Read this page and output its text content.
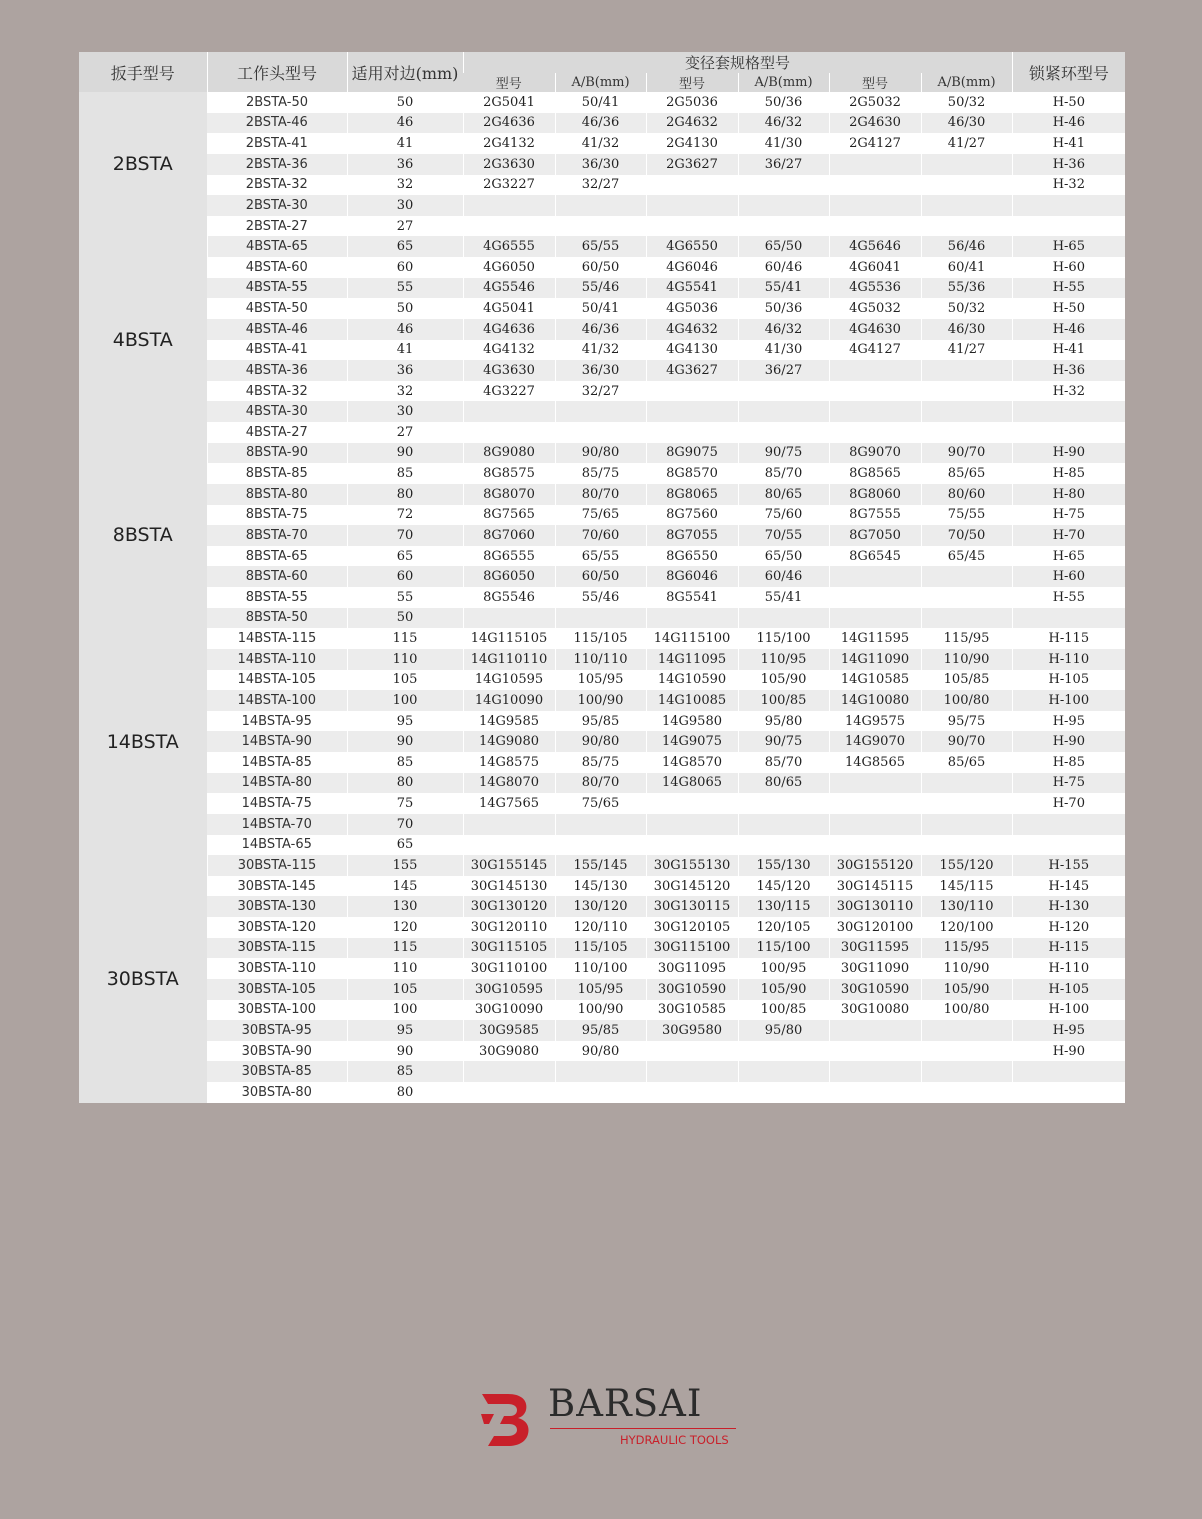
扳手型号	工作头型号	适用对边(mm)	变径套规格型号						锁紧环型号
			型号	A/B(mm)	型号	A/B(mm)	型号	A/B(mm)	
2BSTA	2BSTA-50	50	2G5041	50/41	2G5036	50/36	2G5032	50/32	H-50
	2BSTA-46	46	2G4636	46/36	2G4632	46/32	2G4630	46/30	H-46
	2BSTA-41	41	2G4132	41/32	2G4130	41/30	2G4127	41/27	H-41
	2BSTA-36	36	2G3630	36/30	2G3627	36/27			H-36
	2BSTA-32	32	2G3227	32/27					H-32
	2BSTA-30	30							
	2BSTA-27	27							
4BSTA	4BSTA-65	65	4G6555	65/55	4G6550	65/50	4G5646	56/46	H-65
	4BSTA-60	60	4G6050	60/50	4G6046	60/46	4G6041	60/41	H-60
	4BSTA-55	55	4G5546	55/46	4G5541	55/41	4G5536	55/36	H-55
	4BSTA-50	50	4G5041	50/41	4G5036	50/36	4G5032	50/32	H-50
	4BSTA-46	46	4G4636	46/36	4G4632	46/32	4G4630	46/30	H-46
	4BSTA-41	41	4G4132	41/32	4G4130	41/30	4G4127	41/27	H-41
	4BSTA-36	36	4G3630	36/30	4G3627	36/27			H-36
	4BSTA-32	32	4G3227	32/27					H-32
	4BSTA-30	30							
	4BSTA-27	27							
8BSTA	8BSTA-90	90	8G9080	90/80	8G9075	90/75	8G9070	90/70	H-90
	8BSTA-85	85	8G8575	85/75	8G8570	85/70	8G8565	85/65	H-85
	8BSTA-80	80	8G8070	80/70	8G8065	80/65	8G8060	80/60	H-80
	8BSTA-75	72	8G7565	75/65	8G7560	75/60	8G7555	75/55	H-75
	8BSTA-70	70	8G7060	70/60	8G7055	70/55	8G7050	70/50	H-70
	8BSTA-65	65	8G6555	65/55	8G6550	65/50	8G6545	65/45	H-65
	8BSTA-60	60	8G6050	60/50	8G6046	60/46			H-60
	8BSTA-55	55	8G5546	55/46	8G5541	55/41			H-55
	8BSTA-50	50							
14BSTA	14BSTA-115	115	14G115105	115/105	14G115100	115/100	14G11595	115/95	H-115
	14BSTA-110	110	14G110110	110/110	14G11095	110/95	14G11090	110/90	H-110
	14BSTA-105	105	14G10595	105/95	14G10590	105/90	14G10585	105/85	H-105
	14BSTA-100	100	14G10090	100/90	14G10085	100/85	14G10080	100/80	H-100
	14BSTA-95	95	14G9585	95/85	14G9580	95/80	14G9575	95/75	H-95
	14BSTA-90	90	14G9080	90/80	14G9075	90/75	14G9070	90/70	H-90
	14BSTA-85	85	14G8575	85/75	14G8570	85/70	14G8565	85/65	H-85
	14BSTA-80	80	14G8070	80/70	14G8065	80/65			H-75
	14BSTA-75	75	14G7565	75/65					H-70
	14BSTA-70	70							
	14BSTA-65	65							
30BSTA	30BSTA-115	155	30G155145	155/145	30G155130	155/130	30G155120	155/120	H-155
	30BSTA-145	145	30G145130	145/130	30G145120	145/120	30G145115	145/115	H-145
	30BSTA-130	130	30G130120	130/120	30G130115	130/115	30G130110	130/110	H-130
	30BSTA-120	120	30G120110	120/110	30G120105	120/105	30G120100	120/100	H-120
	30BSTA-115	115	30G115105	115/105	30G115100	115/100	30G11595	115/95	H-115
	30BSTA-110	110	30G110100	110/100	30G11095	100/95	30G11090	110/90	H-110
	30BSTA-105	105	30G10595	105/95	30G10590	105/90	30G10590	105/90	H-105
	30BSTA-100	100	30G10090	100/90	30G10585	100/85	30G10080	100/80	H-100
	30BSTA-95	95	30G9585	95/85	30G9580	95/80			H-95
	30BSTA-90	90	30G9080	90/80					H-90
	30BSTA-85	85							
	30BSTA-80	80							
BARSAI
HYDRAULIC TOOLS
